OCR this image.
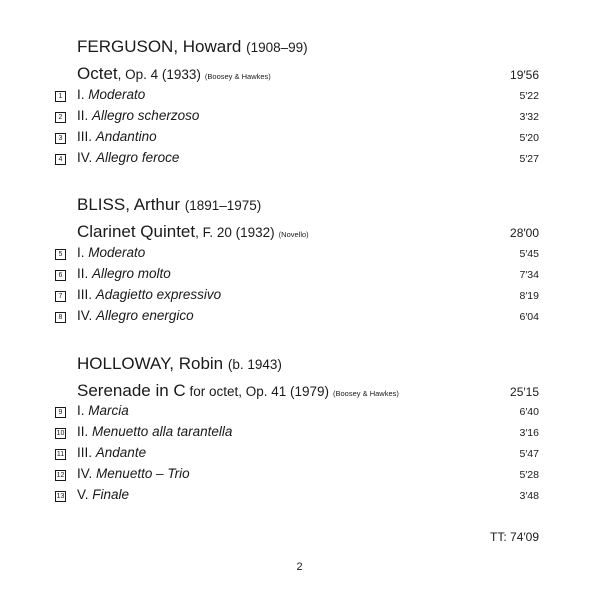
FERGUSON, Howard (1908–99)
Octet, Op. 4 (1933) (Boosey & Hawkes)	19′56
1 I. Moderato	5′22
2 II. Allegro scherzoso	3′32
3 III. Andantino	5′20
4 IV. Allegro feroce	5′27
BLISS, Arthur (1891–1975)
Clarinet Quintet, F. 20 (1932) (Novello)	28′00
5 I. Moderato	5′45
6 II. Allegro molto	7′34
7 III. Adagietto expressivo	8′19
8 IV. Allegro energico	6′04
HOLLOWAY, Robin (b. 1943)
Serenade in C for octet, Op. 41 (1979) (Boosey & Hawkes)	25′15
9 I. Marcia	6′40
10 II. Menuetto alla tarantella	3′16
11 III. Andante	5′47
12 IV. Menuetto – Trio	5′28
13 V. Finale	3′48
TT: 74′09
2
